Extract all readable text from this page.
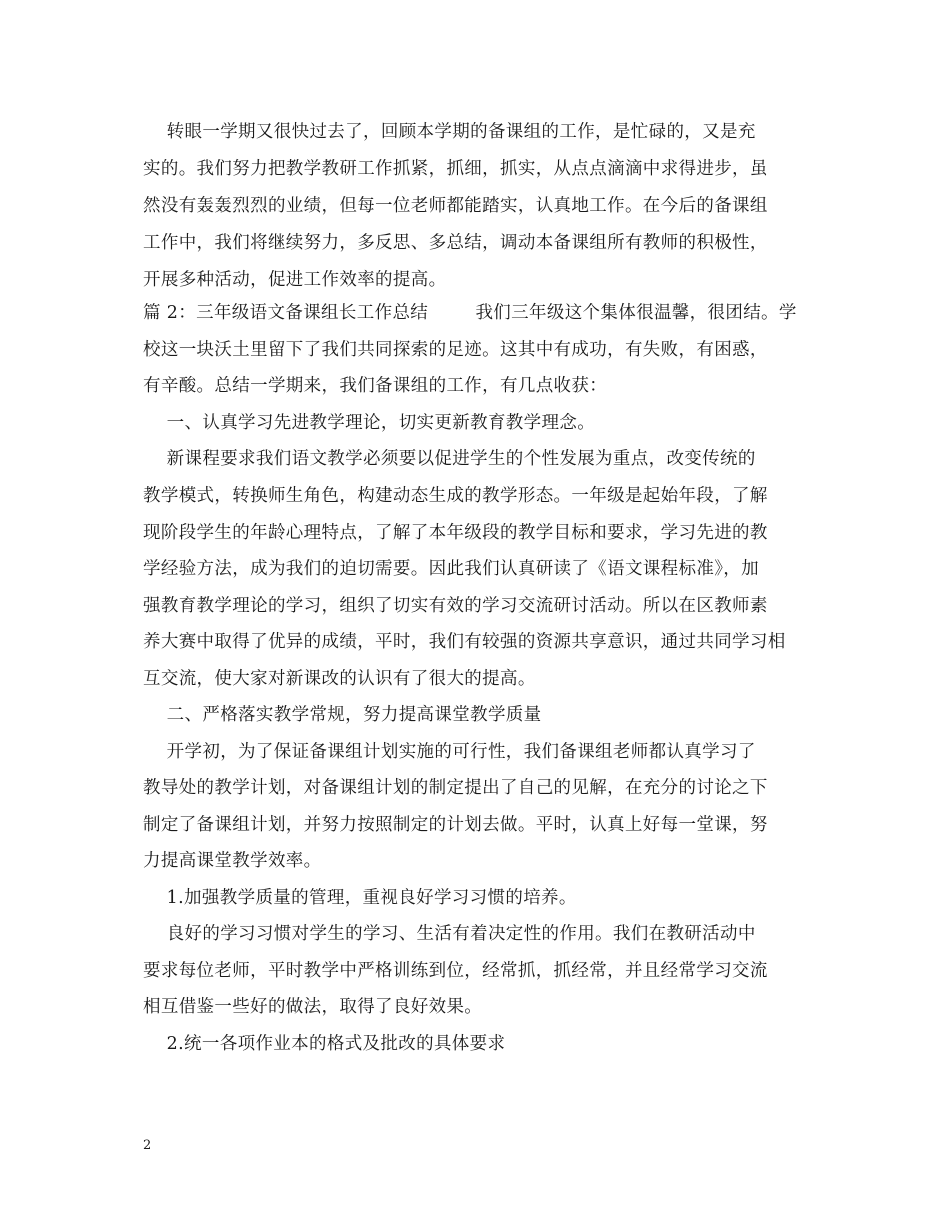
转眼一学期又很快过去了，回顾本学期的备课组的工作，是忙碌的，又是充

实的。我们努力把教学教研工作抓紧，抓细，抓实，从点点滴滴中求得进步，虽

然没有轰轰烈烈的业绩，但每一位老师都能踏实，认真地工作。在今后的备课组

工作中，我们将继续努力，多反思、多总结，调动本备课组所有教师的积极性，

开展多种活动，促进工作效率的提高。

篇 2：三年级语文备课组长工作总结        我们三年级这个集体很温馨，很团结。学

校这一块沃土里留下了我们共同探索的足迹。这其中有成功，有失败，有困惑，

有辛酸。总结一学期来，我们备课组的工作，有几点收获：

一、认真学习先进教学理论，切实更新教育教学理念。

新课程要求我们语文教学必须要以促进学生的个性发展为重点，改变传统的

教学模式，转换师生角色，构建动态生成的教学形态。一年级是起始年段，了解

现阶段学生的年龄心理特点，了解了本年级段的教学目标和要求，学习先进的教

学经验方法，成为我们的迫切需要。因此我们认真研读了《语文课程标准》，加

强教育教学理论的学习，组织了切实有效的学习交流研讨活动。所以在区教师素

养大赛中取得了优异的成绩，平时，我们有较强的资源共享意识，通过共同学习相

互交流，使大家对新课改的认识有了很大的提高。

二、严格落实教学常规，努力提高课堂教学质量

开学初，为了保证备课组计划实施的可行性，我们备课组老师都认真学习了

教导处的教学计划，对备课组计划的制定提出了自己的见解，在充分的讨论之下

制定了备课组计划，并努力按照制定的计划去做。平时，认真上好每一堂课，努

力提高课堂教学效率。

1.加强教学质量的管理，重视良好学习习惯的培养。

良好的学习习惯对学生的学习、生活有着决定性的作用。我们在教研活动中

要求每位老师，平时教学中严格训练到位，经常抓，抓经常，并且经常学习交流

相互借鉴一些好的做法，取得了良好效果。

2.统一各项作业本的格式及批改的具体要求

2
